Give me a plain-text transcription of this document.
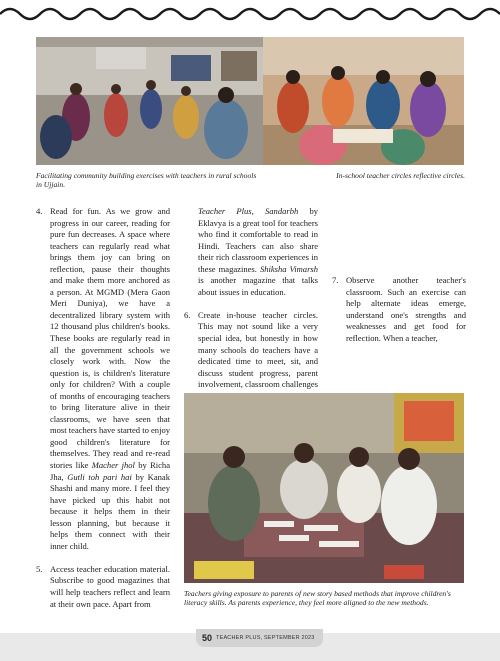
Facilitating community building exercises with teachers in rural schools in Ujjain.
In-school teacher circles reflective circles.
4. Read for fun. As we grow and progress in our career, reading for pure fun decreases. A space where teachers can regularly read what brings them joy can bring on reflection, pause their thoughts and make them more anchored as a person. At MGMD (Mera Gaon Meri Duniya), we have a decentralized library system with 12 thousand plus children's books. These books are regularly read in all the government schools we closely work with. Now the question is, is children's literature only for children? With a couple of months of encouraging teachers to bring literature alive in their classrooms, we have seen that most teachers have started to enjoy good children's literature for themselves. They read and re-read stories like Macher jhol by Richa Jha, Gutli toh pari hai by Kanak Shashi and many more. I feel they have picked up this habit not because it helps them in their lesson planning, but because it helps them connect with their inner child.

5. Access teacher education material. Subscribe to good magazines that will help teachers reflect and learn at their own pace. Apart from

Teacher Plus, Sandarbh by Eklavya is a great tool for teachers who find it comfortable to read in Hindi. Teachers can also share their rich classroom experiences in these magazines. Shiksha Vimarsh is another magazine that talks about issues in education.

6. Create in-house teacher circles. This may not sound like a very special idea, but honestly in how many schools do teachers have a dedicated time to meet, sit, and discuss student progress, parent involvement, classroom challenges

7. Observe another teacher's classroom. Such an exercise can help alternate ideas emerge, understand one's strengths and weaknesses and get food for reflection. When a teacher,

Teachers giving exposure to parents of new story based methods that improve children's literacy skills. As parents experience, they feel more aligned to the new methods.
50 TEACHER PLUS, SEPTEMBER 2023
